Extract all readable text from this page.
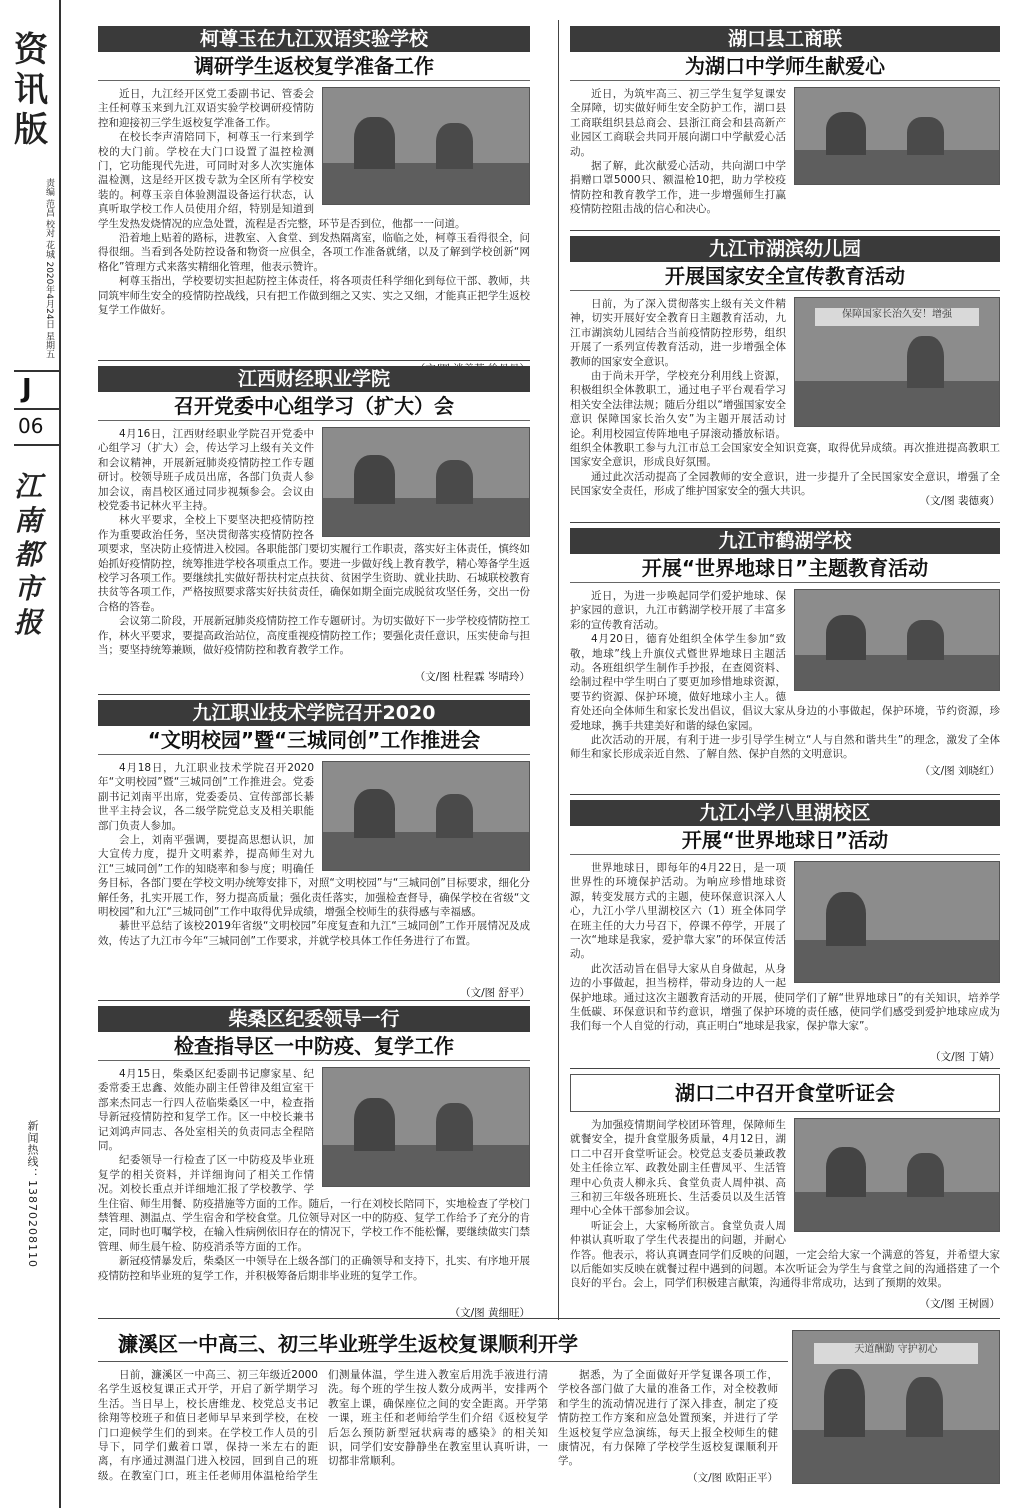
资讯版
责编 范昌 校对 花城 2020年4月24日 星期五
J
06
江南都市报
新闻热线：13870208110
柯尊玉在九江双语实验学校
调研学生返校复学准备工作

近日，九江经开区党工委副书记、管委会主任柯尊玉来到九江双语实验学校调研疫情防控和迎接初三学生返校复学准备工作。

在校长李声清陪同下，柯尊玉一行来到学校的大门前。学校在大门口设置了温控检测门，它功能现代先进，可同时对多人次实施体温检测，这是经开区拨专款为全区所有学校安装的。柯尊玉亲自体验测温设备运行状态，认真听取学校工作人员使用介绍，特别是知道到学生发热发烧情况的应急处置，流程是否完整，环节是否到位，他都一一问道。

沿着地上贴着的路标，进教室、入食堂、到发热隔离室，临临之处，柯尊玉看得很全，问得很细。当看到各处防控设备和物资一应俱全，各项工作准备就绪，以及了解到学校创新“网格化”管理方式来落实精细化管理，他表示赞许。

柯尊玉指出，学校要切实担起防控主体责任，将各项责任科学细化到每位干部、教师，共同筑牢师生安全的疫情防控战线，只有把工作做到细之又实、实之又细，才能真正把学生返校复学工作做好。

江西财经职业学院
召开党委中心组学习（扩大）会

4月16日，江西财经职业学院召开党委中心组学习（扩大）会，传达学习上级有关文件和会议精神，开展新冠肺炎疫情防控工作专题研讨。校领导班子成员出席，各部门负责人参加会议，南昌校区通过同步视频参会。会议由校党委书记林火平主持。

林火平要求，全校上下要坚决把疫情防控作为重要政治任务，坚决贯彻落实疫情防控各项要求，坚决防止疫情进入校园。各职能部门要切实履行工作职责，落实好主体责任，慎终如始抓好疫情防控，统筹推进学校各项重点工作。要进一步做好线上教育教学，精心筹备学生返校学习各项工作。要继续扎实做好帮扶村定点扶贫、贫困学生资助、就业扶助、石城联校教育扶贫等各项工作，严格按照要求落实好扶贫责任，确保如期全面完成脱贫攻坚任务，交出一份合格的答卷。

会议第二阶段，开展新冠肺炎疫情防控工作专题研讨。为切实做好下一步学校疫情防控工作，林火平要求，要提高政治站位，高度重视疫情防控工作；要强化责任意识，压实使命与担当；要坚持统筹兼顾，做好疫情防控和教育教学工作。

（文/图 杜程霖 岑晴玲）
九江职业技术学院召开2020
“文明校园”暨“三城同创”工作推进会

4月18日，九江职业技术学院召开2020年“文明校园”暨“三城同创”工作推进会。党委副书记刘南平出席，党委委员、宣传部部长綦世平主持会议，各二级学院党总支及相关职能部门负责人参加。

会上，刘南平强调，要提高思想认识，加大宣传力度，提升文明素养，提高师生对九江“三城同创”工作的知晓率和参与度；明确任务目标，各部门要在学校文明办统筹安排下，对照“文明校园”与“三城同创”目标要求，细化分解任务，扎实开展工作，努力提高质量；强化责任落实，加强检查督导，确保学校在省级“文明校园”和九江“三城同创”工作中取得优异成绩，增强全校师生的获得感与幸福感。

綦世平总结了该校2019年省级“文明校园”年度复查和九江“三城同创”工作开展情况及成效，传达了九江市今年“三城同创”工作要求，并就学校具体工作任务进行了布置。

（文/图 舒平）
柴桑区纪委领导一行
检查指导区一中防疫、复学工作

4月15日，柴桑区纪委副书记廖家星、纪委常委王忠鑫、效能办副主任曾律及组宣室干部来杰同志一行四人莅临柴桑区一中，检查指导新冠疫情防控和复学工作。区一中校长兼书记刘鸿声同志、各处室相关的负责同志全程陪同。

纪委领导一行检查了区一中防疫及毕业班复学的相关资料，并详细询问了相关工作情况。刘校长重点并详细地汇报了学校教学、学生住宿、师生用餐、防疫措施等方面的工作。随后，一行在刘校长陪同下，实地检查了学校门禁管理、测温点、学生宿舍和学校食堂。几位领导对区一中的防疫、复学工作给予了充分的肯定，同时也叮嘱学校，在输入性病例依旧存在的情况下，学校工作不能松懈，要继续做实门禁管理、师生晨午检、防疫消杀等方面的工作。

新冠疫情暴发后，柴桑区一中领导在上级各部门的正确领导和支持下，扎实、有序地开展疫情防控和毕业班的复学工作，并积极筹备后期非毕业班的复学工作。

（文/图 黄细旺）
湖口县工商联
为湖口中学师生献爱心

近日，为筑牢高三、初三学生复学复课安全屏障，切实做好师生安全防护工作，湖口县工商联组织县总商会、县浙江商会和县高新产业园区工商联会共同开展向湖口中学献爱心活动。

据了解，此次献爱心活动，共向湖口中学捐赠口罩5000只、额温枪10把，助力学校疫情防控和教育教学工作，进一步增强师生打赢疫情防控阻击战的信心和决心。

九江市湖滨幼儿园
开展国家安全宣传教育活动
保障国家长治久安！增强

日前，为了深入贯彻落实上级有关文件精神，切实开展好安全教育日主题教育活动，九江市湖滨幼儿园结合当前疫情防控形势，组织开展了一系列宣传教育活动，进一步增强全体教师的国家安全意识。

由于尚未开学，学校充分利用线上资源，积极组织全体教职工，通过电子平台观看学习相关安全法律法规；随后分组以“增强国家安全意识 保障国家长治久安”为主题开展活动讨论。利用校园宣传阵地电子屏滚动播放标语。组织全体教职工参与九江市总工会国家安全知识竞赛，取得优异成绩。再次推进提高教职工国家安全意识，形成良好氛围。

通过此次活动提高了全园教师的安全意识，进一步提升了全民国家安全意识，增强了全民国家安全责任，形成了维护国家安全的强大共识。

（文/图 裴德爽）
九江市鹤湖学校
开展“世界地球日”主题教育活动

近日，为进一步唤起同学们爱护地球、保护家园的意识，九江市鹤湖学校开展了丰富多彩的宣传教育活动。

4月20日，德育处组织全体学生参加“致敬，地球”线上升旗仪式暨世界地球日主题活动。各班组织学生制作手抄报，在查阅资料、绘制过程中学生明白了要更加珍惜地球资源，要节约资源、保护环境，做好地球小主人。德育处还向全体师生和家长发出倡议，倡议大家从身边的小事做起，保护环境，节约资源，珍爱地球，携手共建美好和谐的绿色家园。

此次活动的开展，有利于进一步引导学生树立“人与自然和谐共生”的理念，激发了全体师生和家长形成亲近自然、了解自然、保护自然的文明意识。

（文/图 刘晓红）
九江小学八里湖校区
开展“世界地球日”活动

世界地球日，即每年的4月22日，是一项世界性的环境保护活动。为响应珍惜地球资源，转变发展方式的主题，使环保意识深入人心，九江小学八里湖校区六（1）班全体同学在班主任的大力号召下，停课不停学，开展了一次“地球是我家，爱护靠大家”的环保宣传活动。

此次活动旨在倡导大家从自身做起，从身边的小事做起，担当榜样，带动身边的人一起保护地球。通过这次主题教育活动的开展，使同学们了解“世界地球日”的有关知识，培养学生低碳、环保意识和节约意识，增强了保护环境的责任感，使同学们感受到爱护地球应成为我们每一个人自觉的行动，真正明白“地球是我家，保护靠大家”。

（文/图 丁婧）
湖口二中召开食堂听证会

为加强疫情期间学校团环管理，保障师生就餐安全，提升食堂服务质量，4月12日，湖口二中召开食堂听证会。校党总支委员兼政教处主任徐立军、政教处副主任曹凤平、生活管理中心负责人柳永兵、食堂负责人周仲祺、高三和初三年级各班班长、生活委员以及生活管理中心全体干部参加会议。

听证会上，大家畅所欲言。食堂负责人周仲祺认真听取了学生代表提出的问题，并耐心作答。他表示，将认真调查同学们反映的问题，一定会给大家一个满意的答复，并希望大家以后能如实反映在就餐过程中遇到的问题。本次听证会为学生与食堂之间的沟通搭建了一个良好的平台。会上，同学们积极建言献策，沟通得非常成功，达到了预期的效果。

（文/图 王树圆）
濂溪区一中高三、初三毕业班学生返校复课顺利开学

日前，濂溪区一中高三、初三年级近2000名学生返校复课正式开学，开启了新学期学习生活。当日早上，校长唐维龙、校党总支书记徐翔等校班子和值日老师早早来到学校，在校门口迎候学生们的到来。在学校工作人员的引导下，同学们戴着口罩，保持一米左右的距离，有序通过测温门进入校园，回到自己的班级。在教室门口，班主任老师用体温枪给学生们测量体温，学生进入教室后用洗手液进行清洗。每个班的学生按人数分成两半，安排两个教室上课，确保座位之间的安全距离。开学第一课，班主任和老师给学生们介绍《返校复学后怎么预防新型冠状病毒的感染》的相关知识，同学们安安静静坐在教室里认真听讲，一切都非常顺利。

据悉，为了全面做好开学复课各项工作，学校各部门做了大量的准备工作，对全校教师和学生的流动情况进行了深入排查，制定了疫情防控工作方案和应急处置预案，并进行了学生返校复学应急演练，每天上报全校师生的健康情况，有力保障了学校学生返校复课顺利开学。

（文/图 欧阳正平）
天道酬勤 守护初心
